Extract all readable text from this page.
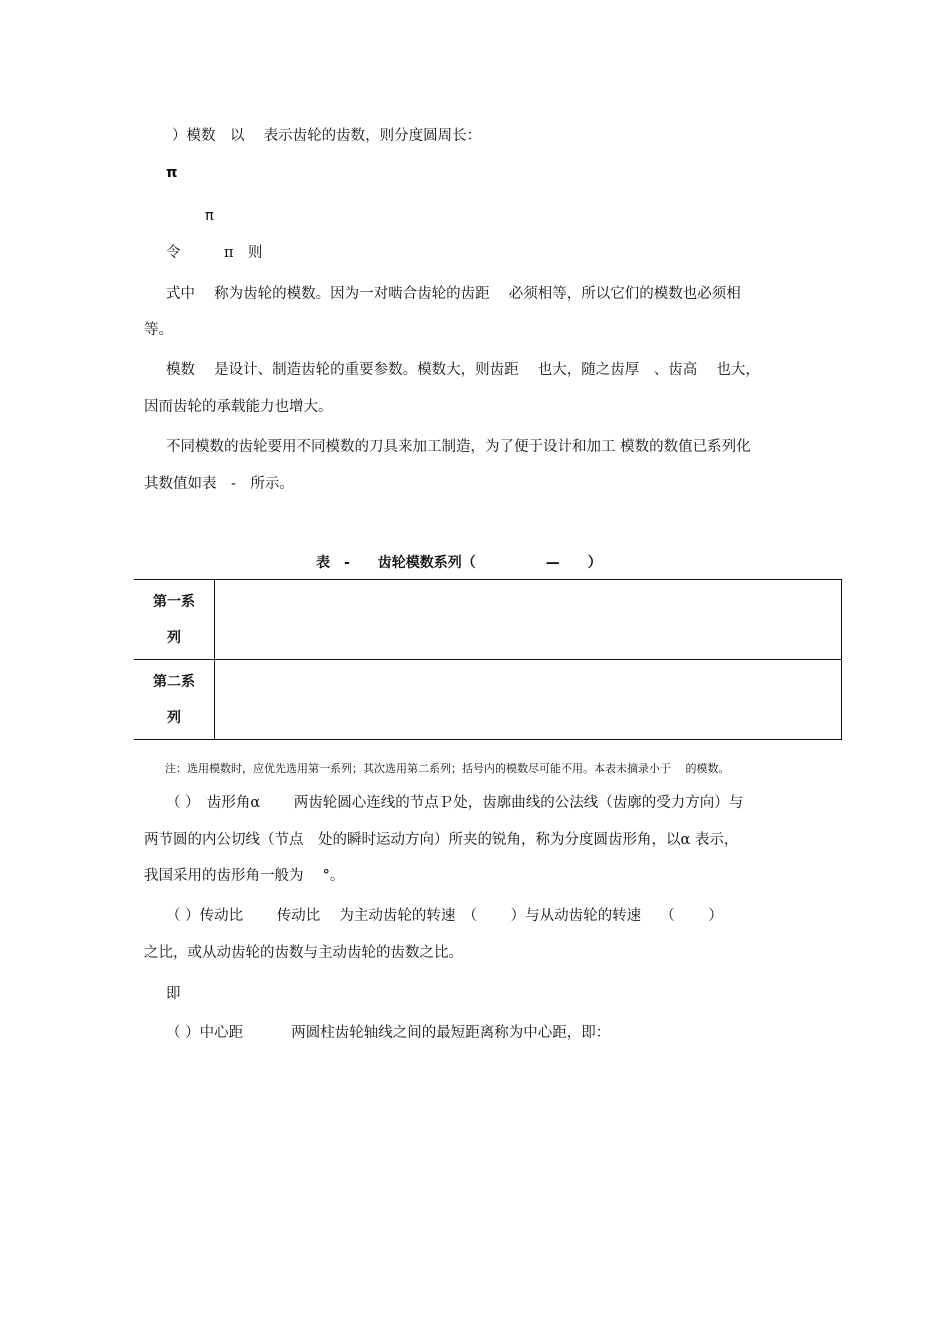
）模数　以　 表示齿轮的齿数，则分度圆周长：
π
π
令　　　π　则
式中　 称为齿轮的模数。因为一对啮合齿轮的齿距　 必须相等，所以它们的模数也必须相
等。
模数　 是设计、制造齿轮的重要参数。模数大，则齿距　 也大，随之齿厚　、齿高　 也大，
因而齿轮的承载能力也增大。
不同模数的齿轮要用不同模数的刀具来加工制造，为了便于设计和加工 模数的数值已系列化
其数值如表　-　所示。
表　-　　齿轮模数系列（　　　　　—　　）
第一系
列	

第二系
列	

注：选用模数时，应优先选用第一系列；其次选用第二系列；括号内的模数尽可能不用。本表未摘录小于　 的模数。
（ ）　齿形角α　　 两齿轮圆心连线的节点Ｐ处，齿廓曲线的公法线（齿廓的受力方向）与
两节圆的内公切线（节点　处的瞬时运动方向）所夹的锐角，称为分度圆齿形角，以α 表示，
我国采用的齿形角一般为　 °。
（ ）传动比　　 传动比　 为主动齿轮的转速　（　　 ）与从动齿轮的转速　 （　　 ）
之比，或从动齿轮的齿数与主动齿轮的齿数之比。
即
（ ）中心距　　　 两圆柱齿轮轴线之间的最短距离称为中心距，即：
